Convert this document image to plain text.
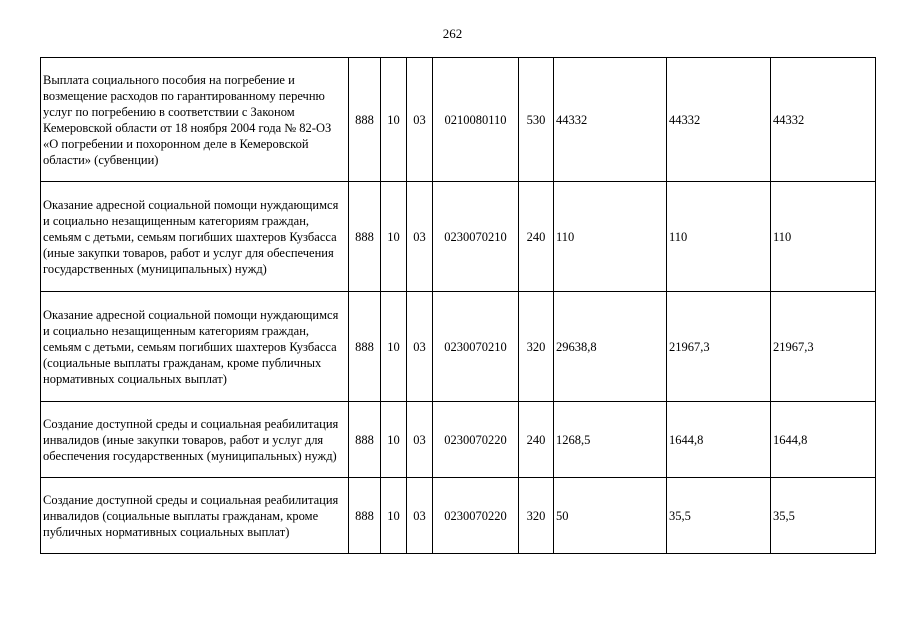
262
Выплата социального пособия на погребение и возмещение расходов по гарантированному перечню услуг по погребению в соответствии с Законом Кемеровской области от 18 ноября 2004 года № 82-ОЗ «О погребении и похоронном деле в Кемеровской области» (субвенции)	888	10	03	0210080110	530	44332	44332	44332
Оказание адресной социальной помощи нуждающимся и социально незащищенным категориям граждан, семьям с детьми, семьям погибших шахтеров Кузбасса (иные закупки товаров, работ и услуг для обеспечения государственных (муниципальных) нужд)	888	10	03	0230070210	240	110	110	110
Оказание адресной социальной помощи нуждающимся и социально незащищенным категориям граждан, семьям с детьми, семьям погибших шахтеров Кузбасса (социальные выплаты гражданам, кроме публичных нормативных социальных выплат)	888	10	03	0230070210	320	29638,8	21967,3	21967,3
Создание доступной среды и социальная реабилитация инвалидов (иные закупки товаров, работ и услуг для обеспечения государственных (муниципальных) нужд)	888	10	03	0230070220	240	1268,5	1644,8	1644,8
Создание доступной среды и социальная реабилитация инвалидов (социальные выплаты гражданам, кроме публичных нормативных социальных выплат)	888	10	03	0230070220	320	50	35,5	35,5
